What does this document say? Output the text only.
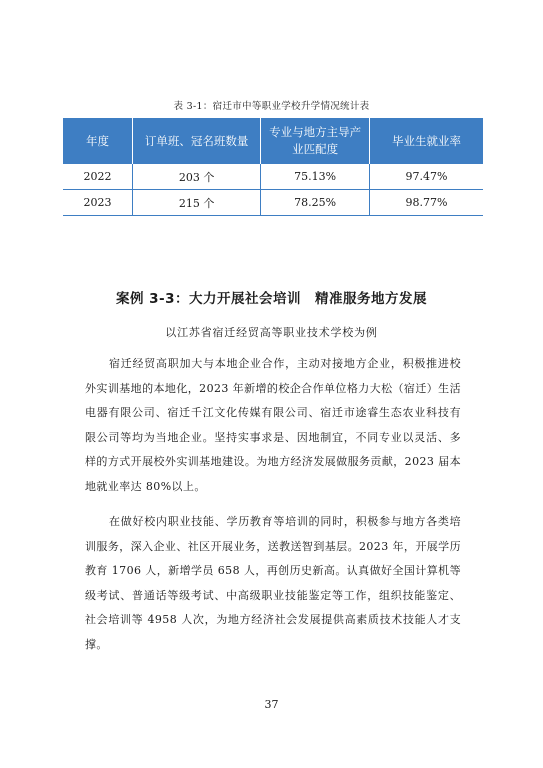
表 3-1：宿迁市中等职业学校升学情况统计表
年度	订单班、冠名班数量	专业与地方主导产业匹配度	毕业生就业率
2022	203 个	75.13%	97.47%
2023	215 个	78.25%	98.77%
案例 3-3：大力开展社会培训　精准服务地方发展
以江苏省宿迁经贸高等职业技术学校为例

宿迁经贸高职加大与本地企业合作，主动对接地方企业，积极推进校外实训基地的本地化，2023 年新增的校企合作单位格力大松（宿迁）生活电器有限公司、宿迁千江文化传媒有限公司、宿迁市途睿生态农业科技有限公司等均为当地企业。坚持实事求是、因地制宜，不同专业以灵活、多样的方式开展校外实训基地建设。为地方经济发展做服务贡献，2023 届本地就业率达 80%以上。

在做好校内职业技能、学历教育等培训的同时，积极参与地方各类培训服务，深入企业、社区开展业务，送教送智到基层。2023 年，开展学历教育 1706 人，新增学员 658 人，再创历史新高。认真做好全国计算机等级考试、普通话等级考试、中高级职业技能鉴定等工作，组织技能鉴定、社会培训等 4958 人次，为地方经济社会发展提供高素质技术技能人才支撑。

37
